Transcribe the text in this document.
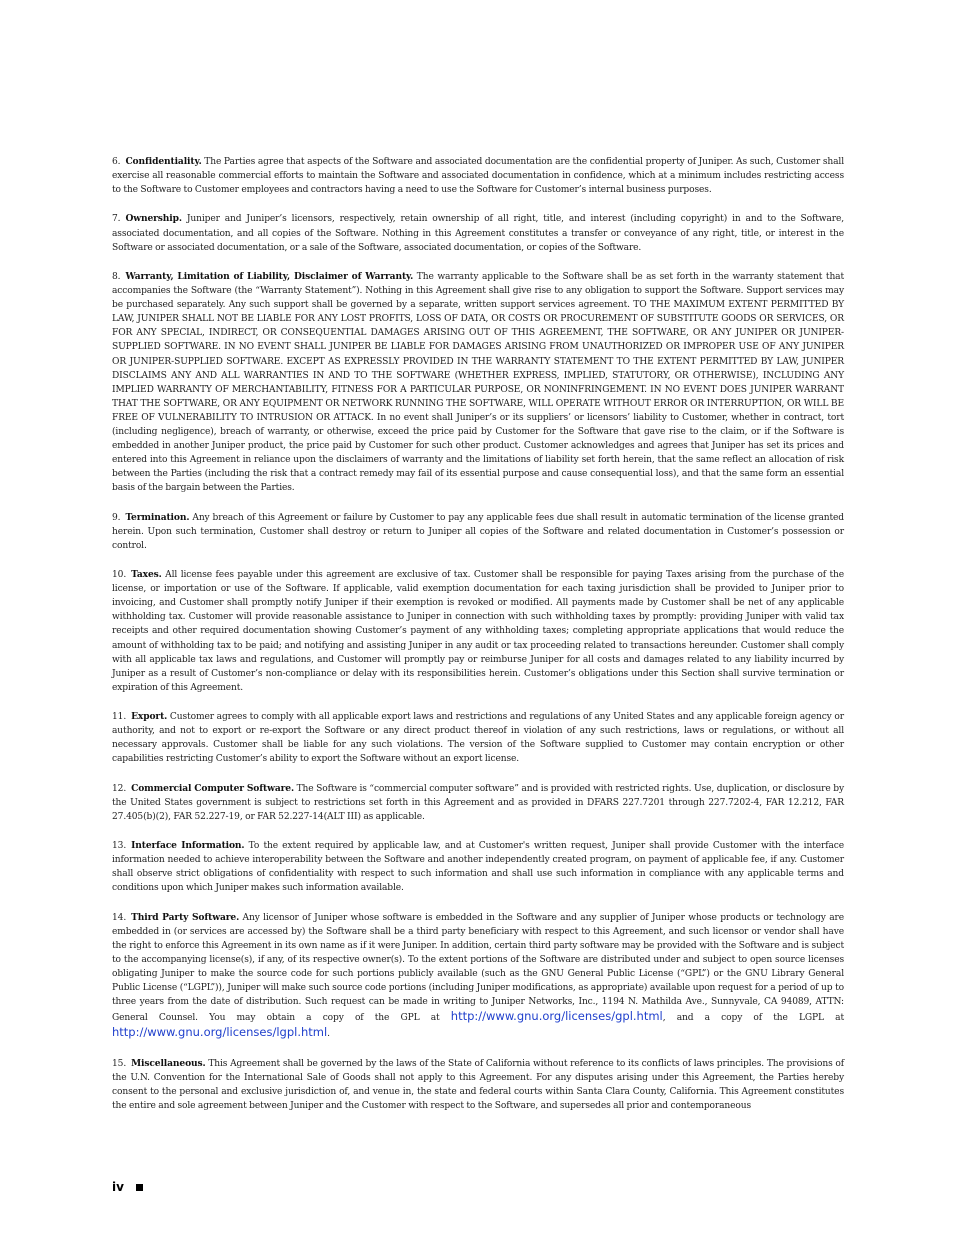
6. Confidentiality. The Parties agree that aspects of the Software and associated documentation are the confidential property of Juniper. As such, Customer shall exercise all reasonable commercial efforts to maintain the Software and associated documentation in confidence, which at a minimum includes restricting access to the Software to Customer employees and contractors having a need to use the Software for Customer’s internal business purposes.

7. Ownership. Juniper and Juniper’s licensors, respectively, retain ownership of all right, title, and interest (including copyright) in and to the Software, associated documentation, and all copies of the Software. Nothing in this Agreement constitutes a transfer or conveyance of any right, title, or interest in the Software or associated documentation, or a sale of the Software, associated documentation, or copies of the Software.

8. Warranty, Limitation of Liability, Disclaimer of Warranty. The warranty applicable to the Software shall be as set forth in the warranty statement that accompanies the Software (the “Warranty Statement”). Nothing in this Agreement shall give rise to any obligation to support the Software. Support services may be purchased separately. Any such support shall be governed by a separate, written support services agreement. TO THE MAXIMUM EXTENT PERMITTED BY LAW, JUNIPER SHALL NOT BE LIABLE FOR ANY LOST PROFITS, LOSS OF DATA, OR COSTS OR PROCUREMENT OF SUBSTITUTE GOODS OR SERVICES, OR FOR ANY SPECIAL, INDIRECT, OR CONSEQUENTIAL DAMAGES ARISING OUT OF THIS AGREEMENT, THE SOFTWARE, OR ANY JUNIPER OR JUNIPER-SUPPLIED SOFTWARE. IN NO EVENT SHALL JUNIPER BE LIABLE FOR DAMAGES ARISING FROM UNAUTHORIZED OR IMPROPER USE OF ANY JUNIPER OR JUNIPER-SUPPLIED SOFTWARE. EXCEPT AS EXPRESSLY PROVIDED IN THE WARRANTY STATEMENT TO THE EXTENT PERMITTED BY LAW, JUNIPER DISCLAIMS ANY AND ALL WARRANTIES IN AND TO THE SOFTWARE (WHETHER EXPRESS, IMPLIED, STATUTORY, OR OTHERWISE), INCLUDING ANY IMPLIED WARRANTY OF MERCHANTABILITY, FITNESS FOR A PARTICULAR PURPOSE, OR NONINFRINGEMENT. IN NO EVENT DOES JUNIPER WARRANT THAT THE SOFTWARE, OR ANY EQUIPMENT OR NETWORK RUNNING THE SOFTWARE, WILL OPERATE WITHOUT ERROR OR INTERRUPTION, OR WILL BE FREE OF VULNERABILITY TO INTRUSION OR ATTACK. In no event shall Juniper’s or its suppliers’ or licensors’ liability to Customer, whether in contract, tort (including negligence), breach of warranty, or otherwise, exceed the price paid by Customer for the Software that gave rise to the claim, or if the Software is embedded in another Juniper product, the price paid by Customer for such other product. Customer acknowledges and agrees that Juniper has set its prices and entered into this Agreement in reliance upon the disclaimers of warranty and the limitations of liability set forth herein, that the same reflect an allocation of risk between the Parties (including the risk that a contract remedy may fail of its essential purpose and cause consequential loss), and that the same form an essential basis of the bargain between the Parties.

9. Termination. Any breach of this Agreement or failure by Customer to pay any applicable fees due shall result in automatic termination of the license granted herein. Upon such termination, Customer shall destroy or return to Juniper all copies of the Software and related documentation in Customer’s possession or control.

10. Taxes. All license fees payable under this agreement are exclusive of tax. Customer shall be responsible for paying Taxes arising from the purchase of the license, or importation or use of the Software. If applicable, valid exemption documentation for each taxing jurisdiction shall be provided to Juniper prior to invoicing, and Customer shall promptly notify Juniper if their exemption is revoked or modified. All payments made by Customer shall be net of any applicable withholding tax. Customer will provide reasonable assistance to Juniper in connection with such withholding taxes by promptly: providing Juniper with valid tax receipts and other required documentation showing Customer’s payment of any withholding taxes; completing appropriate applications that would reduce the amount of withholding tax to be paid; and notifying and assisting Juniper in any audit or tax proceeding related to transactions hereunder. Customer shall comply with all applicable tax laws and regulations, and Customer will promptly pay or reimburse Juniper for all costs and damages related to any liability incurred by Juniper as a result of Customer’s non-compliance or delay with its responsibilities herein. Customer’s obligations under this Section shall survive termination or expiration of this Agreement.

11. Export. Customer agrees to comply with all applicable export laws and restrictions and regulations of any United States and any applicable foreign agency or authority, and not to export or re-export the Software or any direct product thereof in violation of any such restrictions, laws or regulations, or without all necessary approvals. Customer shall be liable for any such violations. The version of the Software supplied to Customer may contain encryption or other capabilities restricting Customer’s ability to export the Software without an export license.

12. Commercial Computer Software. The Software is “commercial computer software” and is provided with restricted rights. Use, duplication, or disclosure by the United States government is subject to restrictions set forth in this Agreement and as provided in DFARS 227.7201 through 227.7202-4, FAR 12.212, FAR 27.405(b)(2), FAR 52.227-19, or FAR 52.227-14(ALT III) as applicable.

13. Interface Information. To the extent required by applicable law, and at Customer's written request, Juniper shall provide Customer with the interface information needed to achieve interoperability between the Software and another independently created program, on payment of applicable fee, if any. Customer shall observe strict obligations of confidentiality with respect to such information and shall use such information in compliance with any applicable terms and conditions upon which Juniper makes such information available.

14. Third Party Software. Any licensor of Juniper whose software is embedded in the Software and any supplier of Juniper whose products or technology are embedded in (or services are accessed by) the Software shall be a third party beneficiary with respect to this Agreement, and such licensor or vendor shall have the right to enforce this Agreement in its own name as if it were Juniper. In addition, certain third party software may be provided with the Software and is subject to the accompanying license(s), if any, of its respective owner(s). To the extent portions of the Software are distributed under and subject to open source licenses obligating Juniper to make the source code for such portions publicly available (such as the GNU General Public License (“GPL”) or the GNU Library General Public License (“LGPL”)), Juniper will make such source code portions (including Juniper modifications, as appropriate) available upon request for a period of up to three years from the date of distribution. Such request can be made in writing to Juniper Networks, Inc., 1194 N. Mathilda Ave., Sunnyvale, CA 94089, ATTN: General Counsel. You may obtain a copy of the GPL at http://www.gnu.org/licenses/gpl.html, and a copy of the LGPL at http://www.gnu.org/licenses/lgpl.html.

15. Miscellaneous. This Agreement shall be governed by the laws of the State of California without reference to its conflicts of laws principles. The provisions of the U.N. Convention for the International Sale of Goods shall not apply to this Agreement. For any disputes arising under this Agreement, the Parties hereby consent to the personal and exclusive jurisdiction of, and venue in, the state and federal courts within Santa Clara County, California. This Agreement constitutes the entire and sole agreement between Juniper and the Customer with respect to the Software, and supersedes all prior and contemporaneous

iv
